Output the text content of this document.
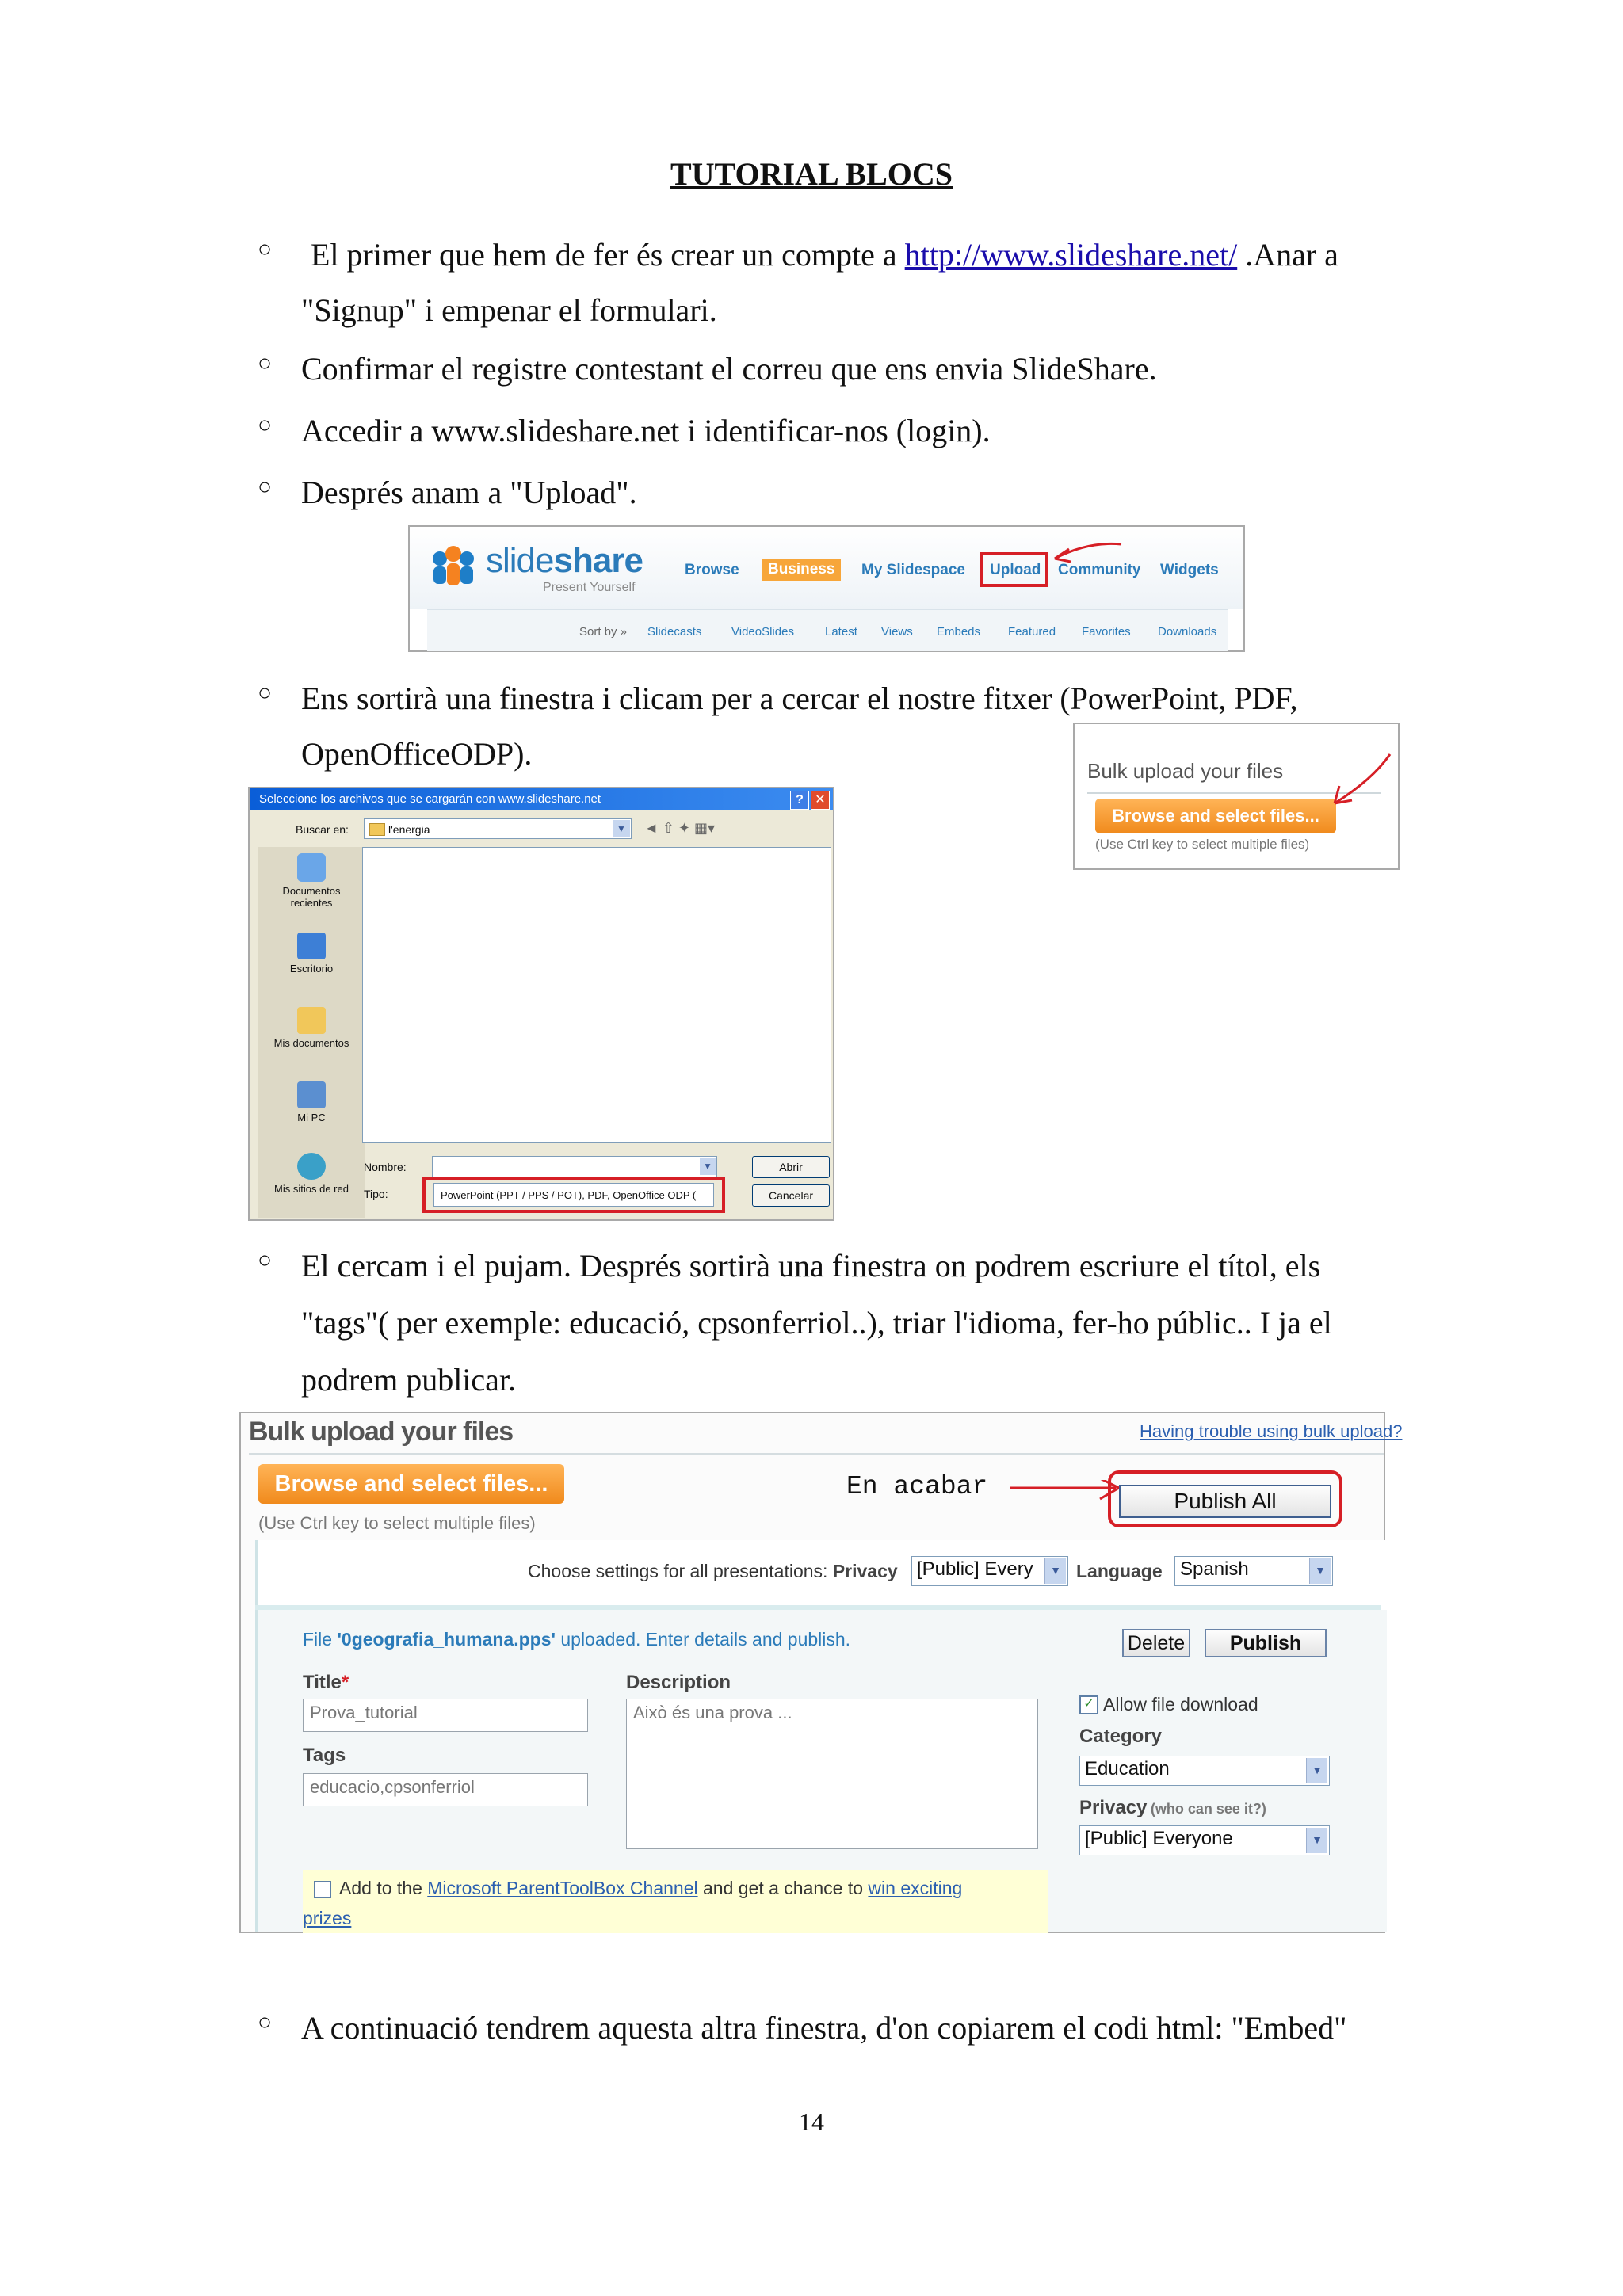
TUTORIAL BLOCS
○ El primer que hem de fer és crear un compte a http://www.slideshare.net/ .Anar a
"Signup" i empenar el formulari.
○ Confirmar el registre contestant el correu que ens envia SlideShare.
○ Accedir a www.slideshare.net i identificar-nos (login).
○ Després anam a "Upload".
slideshare
Present Yourself
Browse	Business	My Slidespace Upload Community Widgets
Sort by » Slidecasts	VideoSlides	Latest Views Embeds Featured Favorites Downloads
○ Ens sortirà una finestra i clicam per a cercar el nostre fitxer (PowerPoint, PDF,
OpenOfficeODP).	Bulk upload your files
Browse and select files...
(Use Ctrl key to select multiple files)
Seleccione los archivos que se cargarán con www.slideshare.net	? ✕
Buscar en:	l'energia	▼ ◄ ⇧ ✦ ▦▾
Documentos recientes
Escritorio
Mis documentos
Mi PC
Mis sitios de red
Nombre:	▼
Tipo:	PowerPoint (PPT / PPS / POT), PDF, OpenOffice ODP (
Abrir
Cancelar
○ El cercam i el pujam. Després sortirà una finestra on podrem escriure el títol, els
"tags"( per exemple: educació, cpsonferriol..), triar l'idioma, fer-ho públic.. I ja el
podrem publicar.
Bulk upload your files	Having trouble using bulk upload?
Browse and select files...
(Use Ctrl key to select multiple files)
En acabar	Publish All
Choose settings for all presentations: Privacy [Public] Every	▼ Language Spanish	▼
File '0geografia_humana.pps' uploaded. Enter details and publish.	Delete	Publish
Title*
Prova_tutorial
Tags
educacio,cpsonferriol
Description
Això és una prova ...	✓ Allow file download
Category
Education	▼
Privacy (who can see it?)
[Public] Everyone	▼
Add to the Microsoft ParentToolBox Channel and get a chance to win exciting
prizes
○ A continuació tendrem aquesta altra finestra, d'on copiarem el codi html: "Embed"
14
